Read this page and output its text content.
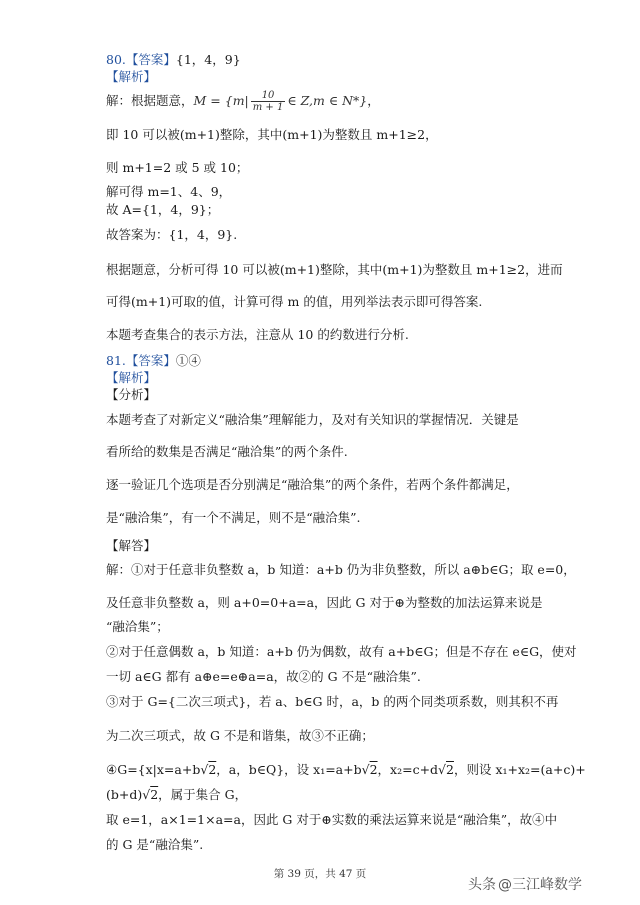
80.【答案】{1，4，9}
【解析】
解：根据题意，$M = \{m| \frac{10}{m + 1}$ ∈ Z,m ∈ N*}，
即 10 可以被(m+1)整除，其中(m+1)为整数且 m+1≥2，
则 m+1=2 或 5 或 10；
解可得 m=1、4、9，
故 A={1，4，9}；
故答案为：{1，4，9}.
根据题意，分析可得 10 可以被(m+1)整除，其中(m+1)为整数且 m+1≥2，进而
可得(m+1)可取的值，计算可得 m 的值，用列举法表示即可得答案.
本题考查集合的表示方法，注意从 10 的约数进行分析.
81.【答案】①④
【解析】
【分析】
本题考查了对新定义“融洽集”理解能力，及对有关知识的掌握情况．关键是
看所给的数集是否满足“融洽集”的两个条件.
逐一验证几个选项是否分别满足“融洽集”的两个条件，若两个条件都满足，
是“融洽集”，有一个不满足，则不是“融洽集”.
【解答】
解：①对于任意非负整数 a，b 知道：a+b 仍为非负整数，所以 a⊕b∈G；取 e=0，
及任意非负整数 a，则 a+0=0+a=a，因此 G 对于⊕为整数的加法运算来说是
“融洽集”；
②对于任意偶数 a，b 知道：a+b 仍为偶数，故有 a+b∈G；但是不存在 e∈G，使对
一切 a∈G 都有 a⊕e=e⊕a=a，故②的 G 不是“融洽集”.
③对于 G={二次三项式}，若 a、b∈G 时，a，b 的两个同类项系数，则其积不再
为二次三项式，故 G 不是和谐集，故③不正确；
④G={x|x=a+b√2，a，b∈Q}，设 x₁=a+b√2，x₂=c+d√2，则设 x₁+x₂=(a+c)+
(b+d)√2，属于集合 G，
取 e=1，a×1=1×a=a，因此 G 对于⊕实数的乘法运算来说是“融洽集”，故④中
的 G 是“融洽集”.
第 39 页，共 47 页
头条 @三江峰数学
